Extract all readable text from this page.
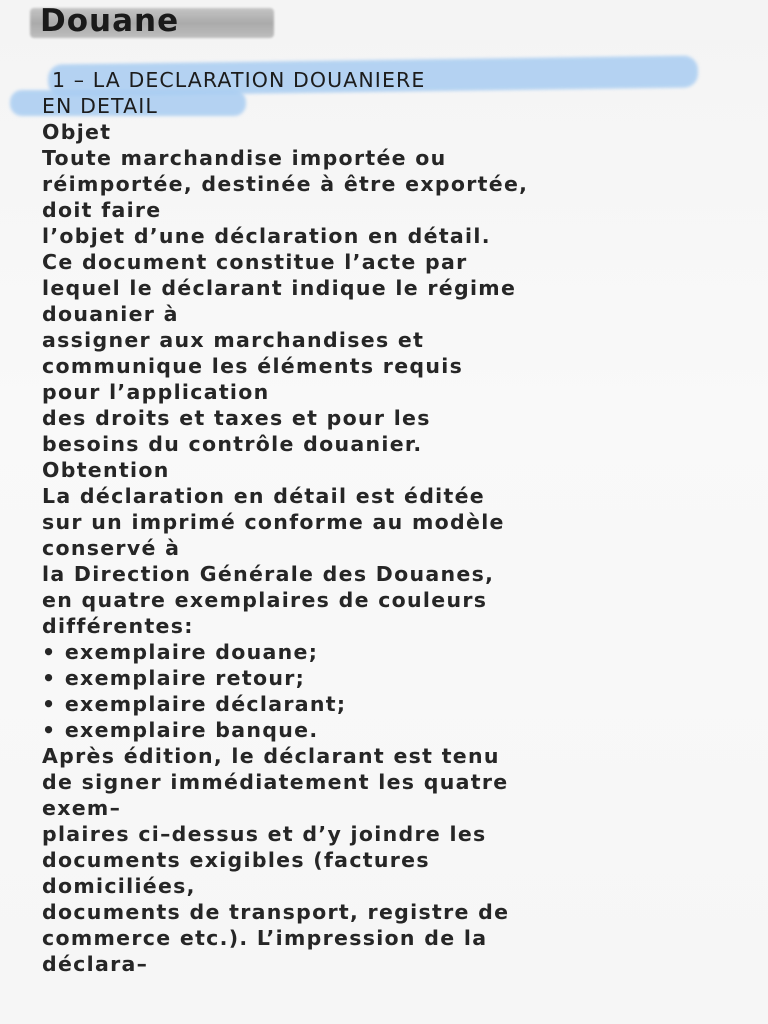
Douane
1 – LA DECLARATION DOUANIERE
EN DETAIL
Objet
Toute marchandise importée ou
réimportée, destinée à être exportée,
doit faire
l’objet d’une déclaration en détail.
Ce document constitue l’acte par
lequel le déclarant indique le régime
douanier à
assigner aux marchandises et
communique les éléments requis
pour l’application
des droits et taxes et pour les
besoins du contrôle douanier.
Obtention
La déclaration en détail est éditée
sur un imprimé conforme au modèle
conservé à
la Direction Générale des Douanes,
en quatre exemplaires de couleurs
différentes:
• exemplaire douane;
• exemplaire retour;
• exemplaire déclarant;
• exemplaire banque.
Après édition, le déclarant est tenu
de signer immédiatement les quatre
exem–
plaires ci–dessus et d’y joindre les
documents exigibles (factures
domiciliées,
documents de transport, registre de
commerce etc.). L’impression de la
déclara–
